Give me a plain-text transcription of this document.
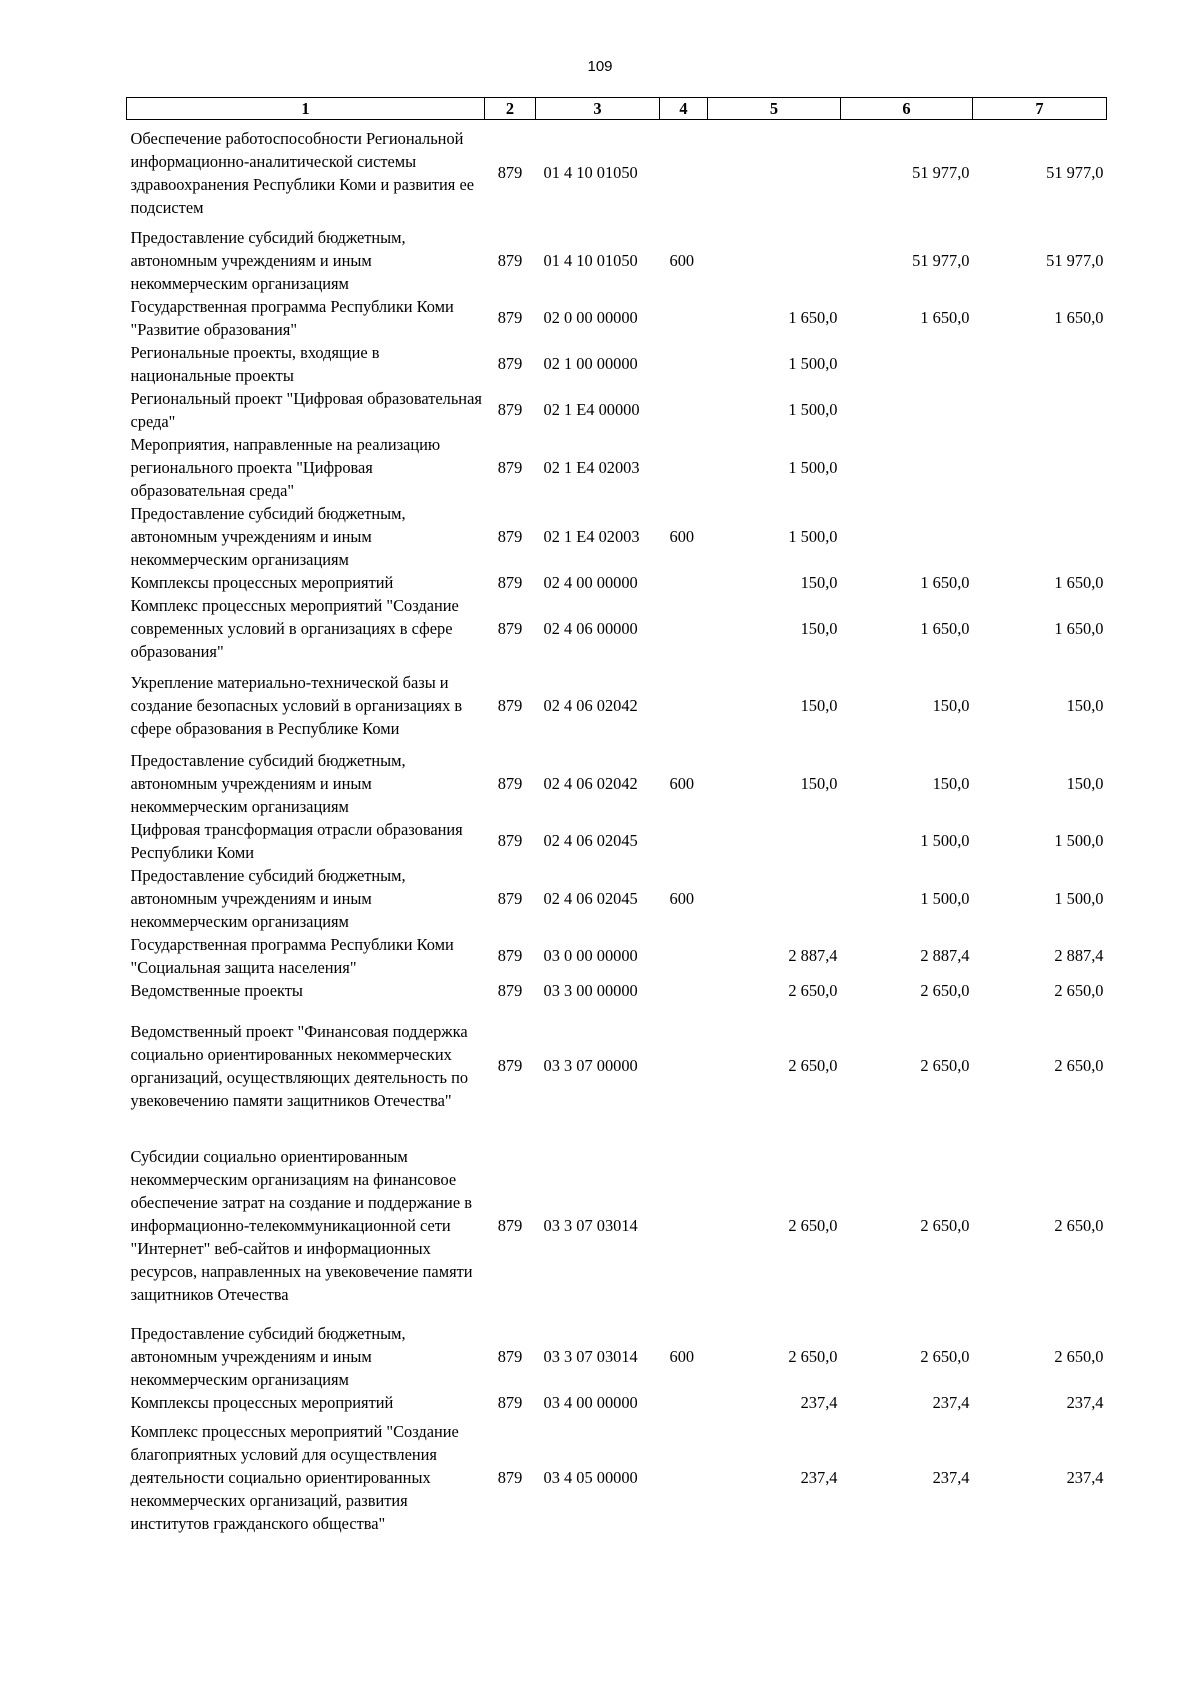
109
1	2	3	4	5	6	7
Обеспечение работоспособности Региональной информационно-аналитической системы здравоохранения Республики Коми и развития ее подсистем	879	01 4 10 01050			51 977,0	51 977,0
Предоставление субсидий бюджетным, автономным учреждениям и иным некоммерческим организациям	879	01 4 10 01050	600		51 977,0	51 977,0
Государственная программа Республики Коми "Развитие образования"	879	02 0 00 00000		1 650,0	1 650,0	1 650,0
Региональные проекты, входящие в национальные проекты	879	02 1 00 00000		1 500,0		
Региональный проект "Цифровая образовательная среда"	879	02 1 E4 00000		1 500,0		
Мероприятия, направленные на реализацию регионального проекта "Цифровая образовательная среда"	879	02 1 E4 02003		1 500,0		
Предоставление субсидий бюджетным, автономным учреждениям и иным некоммерческим организациям	879	02 1 E4 02003	600	1 500,0		
Комплексы процессных мероприятий	879	02 4 00 00000		150,0	1 650,0	1 650,0
Комплекс процессных мероприятий "Создание современных условий в организациях в сфере образования"	879	02 4 06 00000		150,0	1 650,0	1 650,0
Укрепление материально-технической базы и создание безопасных условий в организациях в сфере образования в Республике Коми	879	02 4 06 02042		150,0	150,0	150,0
Предоставление субсидий бюджетным, автономным учреждениям и иным некоммерческим организациям	879	02 4 06 02042	600	150,0	150,0	150,0
Цифровая трансформация отрасли образования Республики Коми	879	02 4 06 02045			1 500,0	1 500,0
Предоставление субсидий бюджетным, автономным учреждениям и иным некоммерческим организациям	879	02 4 06 02045	600		1 500,0	1 500,0
Государственная программа Республики Коми "Социальная защита населения"	879	03 0 00 00000		2 887,4	2 887,4	2 887,4
Ведомственные проекты	879	03 3 00 00000		2 650,0	2 650,0	2 650,0
Ведомственный проект "Финансовая поддержка социально ориентированных некоммерческих организаций, осуществляющих деятельность по увековечению памяти защитников Отечества"	879	03 3 07 00000		2 650,0	2 650,0	2 650,0
Субсидии социально ориентированным некоммерческим организациям на финансовое обеспечение затрат на создание и поддержание в информационно-телекоммуникационной сети "Интернет" веб-сайтов и информационных ресурсов, направленных на увековечение памяти защитников Отечества	879	03 3 07 03014		2 650,0	2 650,0	2 650,0
Предоставление субсидий бюджетным, автономным учреждениям и иным некоммерческим организациям	879	03 3 07 03014	600	2 650,0	2 650,0	2 650,0
Комплексы процессных мероприятий	879	03 4 00 00000		237,4	237,4	237,4
Комплекс процессных мероприятий "Создание благоприятных условий для осуществления деятельности социально ориентированных некоммерческих организаций, развития институтов гражданского общества"	879	03 4 05 00000		237,4	237,4	237,4
